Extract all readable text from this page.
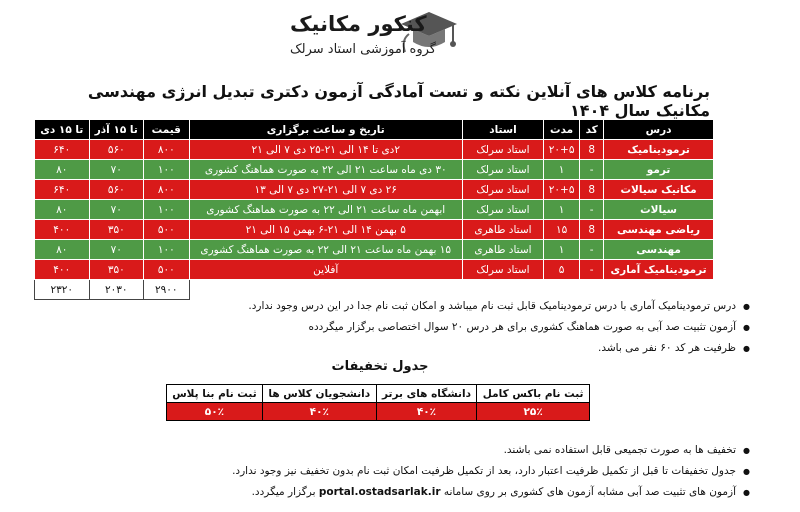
کنکور مکانیک
گروه آموزشی استاد سرلک
برنامه کلاس های آنلاین نکته و تست آمادگی آزمون دکتری تبدیل انرژی مهندسی مکانیک سال ۱۴۰۴
درس	کد	مدت	استاد	تاریخ و ساعت برگزاری	قیمت	تا ۱۵ آذر	تا ۱۵ دی
ترمودینامیک	8	۲۰+۵	استاد سرلک	۲دی تا ۱۴ الی ۲۱-۲۵ دی ۷ الی ۲۱	۸۰۰	۵۶۰	۶۴۰
ترمو	-	۱	استاد سرلک	۳۰ دی ماه ساعت ۲۱ الی ۲۲ به صورت هماهنگ کشوری	۱۰۰	۷۰	۸۰
مکانیک سیالات	8	۲۰+۵	استاد سرلک	۲۶ دی ۷ الی ۲۱-۲۷ دی ۷ الی ۱۳	۸۰۰	۵۶۰	۶۴۰
سیالات	-	۱	استاد سرلک	ابهمن ماه ساعت ۲۱ الی ۲۲ به صورت هماهنگ کشوری	۱۰۰	۷۰	۸۰
ریاضی مهندسی	8	۱۵	استاد طاهری	۵ بهمن ۱۴ الی ۲۱-۶ بهمن ۱۵ الی ۲۱	۵۰۰	۳۵۰	۴۰۰
مهندسی	-	۱	استاد طاهری	۱۵ بهمن ماه ساعت ۲۱ الی ۲۲ به صورت هماهنگ کشوری	۱۰۰	۷۰	۸۰
ترمودینامیک آماری	-	۵	استاد سرلک	آفلاین	۵۰۰	۳۵۰	۴۰۰
					۲۹۰۰	۲۰۳۰	۲۳۲۰
● درس ترمودینامیک آماری با درس ترمودینامیک قابل ثبت نام میباشد و امکان ثبت نام جدا در این درس وجود ندارد.
● آزمون تثبیت صد آبی به صورت هماهنگ کشوری برای هر درس ۲۰ سوال اختصاصی برگزار میگردده
● ظرفیت هر کد ۶۰ نفر می باشد.
جدول تخفیفات
ثبت نام باکس کامل	دانشگاه های برتر	دانشجویان کلاس ها	ثبت نام بنا پلاس
۲۵٪	۴۰٪	۴۰٪	۵۰٪
● تخفیف ها به صورت تجمیعی قابل استفاده نمی باشند.
● جدول تخفیفات تا قبل از تکمیل ظرفیت اعتبار دارد، بعد از تکمیل ظرفیت امکان ثبت نام بدون تخفیف نیز وجود ندارد.
● آزمون های تثبیت صد آبی مشابه آزمون های کشوری بر روی سامانه portal.ostadsarlak.ir برگزار میگردد.
